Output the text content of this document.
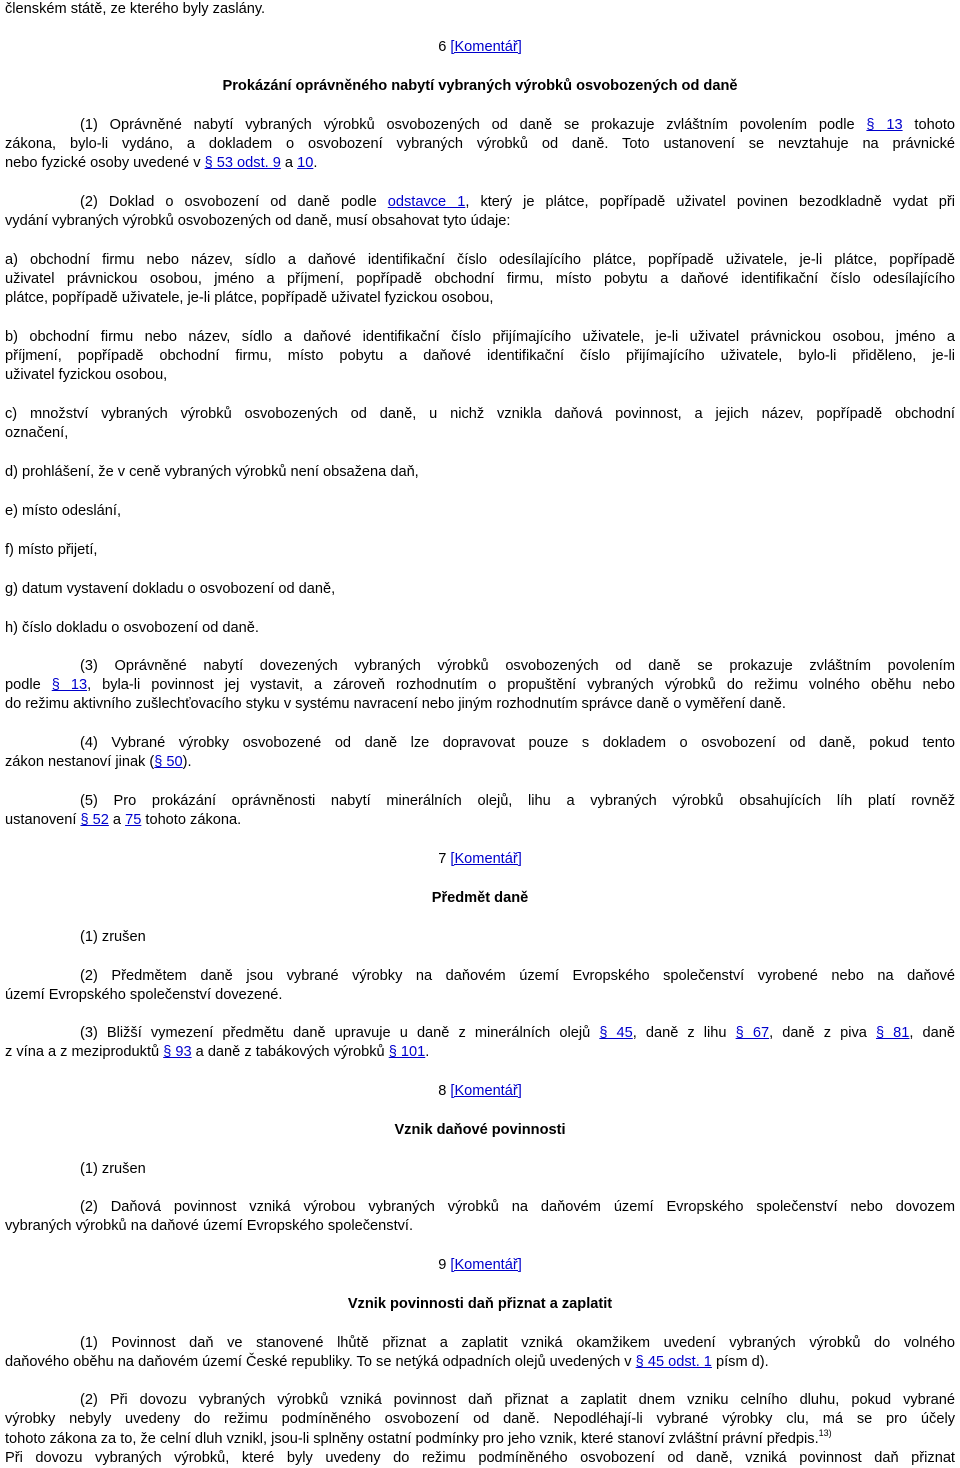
členském státě, ze kterého byly zaslány.
6 [Komentář]
Prokázání oprávněného nabytí vybraných výrobků osvobozených od daně
(1) Oprávněné nabytí vybraných výrobků osvobozených od daně se prokazuje zvláštním povolením podle § 13 tohoto
zákona, bylo-li vydáno, a dokladem o osvobození vybraných výrobků od daně. Toto ustanovení se nevztahuje na právnické
nebo fyzické osoby uvedené v § 53 odst. 9 a 10.
(2) Doklad o osvobození od daně podle odstavce 1, který je plátce, popřípadě uživatel povinen bezodkladně vydat při
vydání vybraných výrobků osvobozených od daně, musí obsahovat tyto údaje:
a) obchodní firmu nebo název, sídlo a daňové identifikační číslo odesílajícího plátce, popřípadě uživatele, je-li plátce, popřípadě
uživatel právnickou osobou, jméno a příjmení, popřípadě obchodní firmu, místo pobytu a daňové identifikační číslo odesílajícího
plátce, popřípadě uživatele, je-li plátce, popřípadě uživatel fyzickou osobou,
b) obchodní firmu nebo název, sídlo a daňové identifikační číslo přijímajícího uživatele, je-li uživatel právnickou osobou, jméno a
příjmení, popřípadě obchodní firmu, místo pobytu a daňové identifikační číslo přijímajícího uživatele, bylo-li přiděleno, je-li
uživatel fyzickou osobou,
c) množství vybraných výrobků osvobozených od daně, u nichž vznikla daňová povinnost, a jejich název, popřípadě obchodní
označení,
d) prohlášení, že v ceně vybraných výrobků není obsažena daň,
e) místo odeslání,
f) místo přijetí,
g) datum vystavení dokladu o osvobození od daně,
h) číslo dokladu o osvobození od daně.
(3) Oprávněné nabytí dovezených vybraných výrobků osvobozených od daně se prokazuje zvláštním povolením
podle § 13, byla-li povinnost jej vystavit, a zároveň rozhodnutím o propuštění vybraných výrobků do režimu volného oběhu nebo
do režimu aktivního zušlechťovacího styku v systému navracení nebo jiným rozhodnutím správce daně o vyměření daně.
(4) Vybrané výrobky osvobozené od daně lze dopravovat pouze s dokladem o osvobození od daně, pokud tento
zákon nestanoví jinak (§ 50).
(5) Pro prokázání oprávněnosti nabytí minerálních olejů, lihu a vybraných výrobků obsahujících líh platí rovněž
ustanovení § 52 a 75 tohoto zákona.
7 [Komentář]
Předmět daně
(1) zrušen
(2) Předmětem daně jsou vybrané výrobky na daňovém území Evropského společenství vyrobené nebo na daňové
území Evropského společenství dovezené.
(3) Bližší vymezení předmětu daně upravuje u daně z minerálních olejů § 45, daně z lihu § 67, daně z piva § 81, daně
z vína a z meziproduktů § 93 a daně z tabákových výrobků § 101.
8 [Komentář]
Vznik daňové povinnosti
(1) zrušen
(2) Daňová povinnost vzniká výrobou vybraných výrobků na daňovém území Evropského společenství nebo dovozem
vybraných výrobků na daňové území Evropského společenství.
9 [Komentář]
Vznik povinnosti daň přiznat a zaplatit
(1) Povinnost daň ve stanovené lhůtě přiznat a zaplatit vzniká okamžikem uvedení vybraných výrobků do volného
daňového oběhu na daňovém území České republiky. To se netýká odpadních olejů uvedených v § 45 odst. 1 písm d).
(2) Při dovozu vybraných výrobků vzniká povinnost daň přiznat a zaplatit dnem vzniku celního dluhu, pokud vybrané
výrobky nebyly uvedeny do režimu podmíněného osvobození od daně. Nepodléhají-li vybrané výrobky clu, má se pro účely
tohoto zákona za to, že celní dluh vznikl, jsou-li splněny ostatní podmínky pro jeho vznik, které stanoví zvláštní právní předpis.$^{13)}$
Při dovozu vybraných výrobků, které byly uvedeny do režimu podmíněného osvobození od daně, vzniká povinnost daň přiznat
